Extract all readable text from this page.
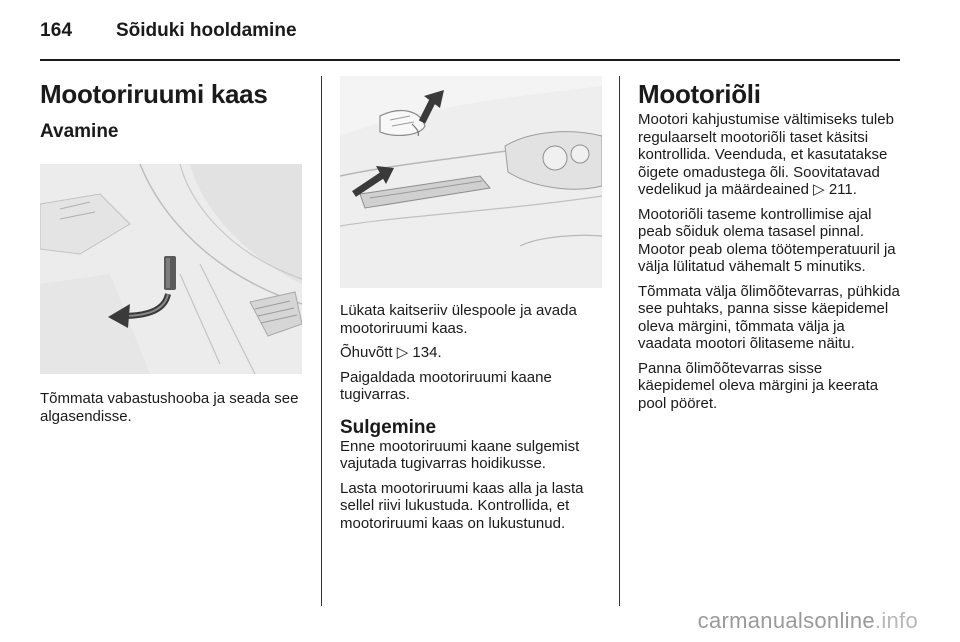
164 Sõiduki hooldamine
Mootoriruumi kaas
Avamine

Tõmmata vabastushooba ja seada see algasendisse.

Lükata kaitseriiv ülespoole ja avada mootoriruumi kaas.

Õhuvõtt ▷ 134.

Paigaldada mootoriruumi kaane tugivarras.

Sulgemine

Enne mootoriruumi kaane sulgemist vajutada tugivarras hoidikusse.

Lasta mootoriruumi kaas alla ja lasta sellel riivi lukustuda. Kontrollida, et mootoriruumi kaas on lukustunud.

Mootoriõli

Mootori kahjustumise vältimiseks tuleb regulaarselt mootoriõli taset käsitsi kontrollida. Veenduda, et kasutatakse õigete omadustega õli. Soovitatavad vedelikud ja määrdeained ▷ 211.

Mootoriõli taseme kontrollimise ajal peab sõiduk olema tasasel pinnal. Mootor peab olema töötemperatuuril ja välja lülitatud vähemalt 5 minutiks.

Tõmmata välja õlimõõtevarras, pühkida see puhtaks, panna sisse käepidemel oleva märgini, tõmmata välja ja vaadata mootori õlitaseme näitu.

Panna õlimõõtevarras sisse käepidemel oleva märgini ja keerata pool pööret.

carmanualsonline.info
